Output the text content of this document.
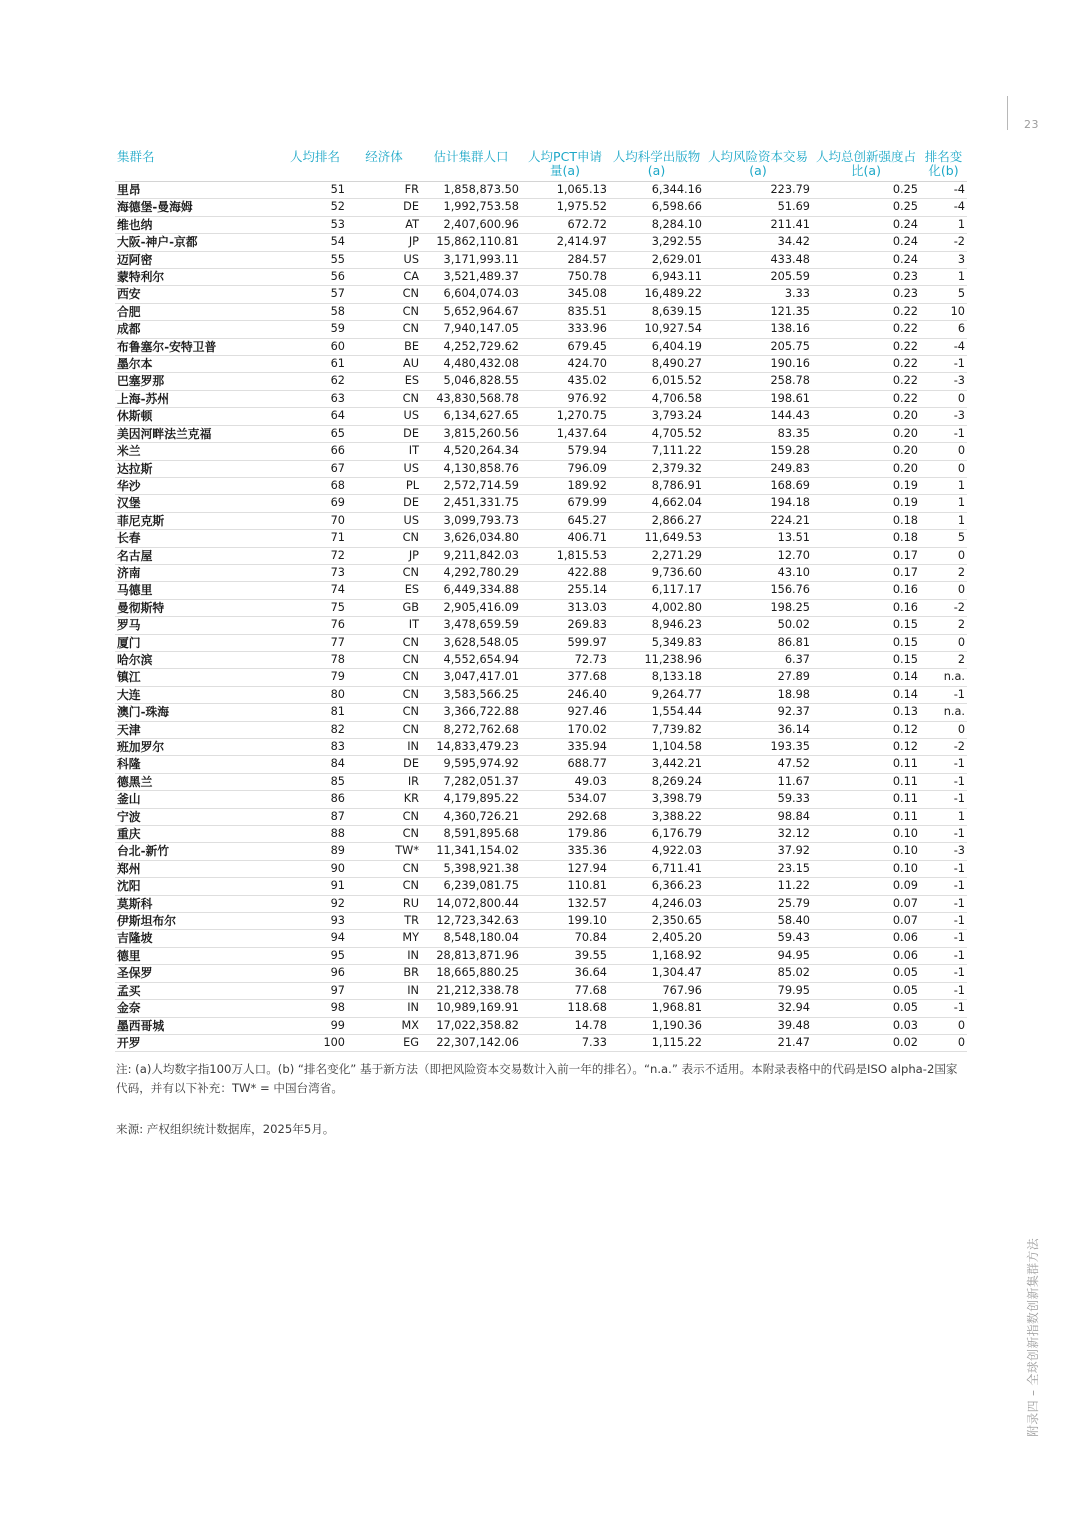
23
附录四 – 全球创新指数创新集群方法
集群名	人均排名	经济体	估计集群人口	人均PCT申请量(a)	人均科学出版物(a)	人均风险资本交易(a)	人均总创新强度占比(a)	排名变化(b)
里昂	51	FR	1,858,873.50	1,065.13	6,344.16	223.79	0.25	-4
海德堡-曼海姆	52	DE	1,992,753.58	1,975.52	6,598.66	51.69	0.25	-4
维也纳	53	AT	2,407,600.96	672.72	8,284.10	211.41	0.24	1
大阪-神户-京都	54	JP	15,862,110.81	2,414.97	3,292.55	34.42	0.24	-2
迈阿密	55	US	3,171,993.11	284.57	2,629.01	433.48	0.24	3
蒙特利尔	56	CA	3,521,489.37	750.78	6,943.11	205.59	0.23	1
西安	57	CN	6,604,074.03	345.08	16,489.22	3.33	0.23	5
合肥	58	CN	5,652,964.67	835.51	8,639.15	121.35	0.22	10
成都	59	CN	7,940,147.05	333.96	10,927.54	138.16	0.22	6
布鲁塞尔-安特卫普	60	BE	4,252,729.62	679.45	6,404.19	205.75	0.22	-4
墨尔本	61	AU	4,480,432.08	424.70	8,490.27	190.16	0.22	-1
巴塞罗那	62	ES	5,046,828.55	435.02	6,015.52	258.78	0.22	-3
上海-苏州	63	CN	43,830,568.78	976.92	4,706.58	198.61	0.22	0
休斯顿	64	US	6,134,627.65	1,270.75	3,793.24	144.43	0.20	-3
美因河畔法兰克福	65	DE	3,815,260.56	1,437.64	4,705.52	83.35	0.20	-1
米兰	66	IT	4,520,264.34	579.94	7,111.22	159.28	0.20	0
达拉斯	67	US	4,130,858.76	796.09	2,379.32	249.83	0.20	0
华沙	68	PL	2,572,714.59	189.92	8,786.91	168.69	0.19	1
汉堡	69	DE	2,451,331.75	679.99	4,662.04	194.18	0.19	1
菲尼克斯	70	US	3,099,793.73	645.27	2,866.27	224.21	0.18	1
长春	71	CN	3,626,034.80	406.71	11,649.53	13.51	0.18	5
名古屋	72	JP	9,211,842.03	1,815.53	2,271.29	12.70	0.17	0
济南	73	CN	4,292,780.29	422.88	9,736.60	43.10	0.17	2
马德里	74	ES	6,449,334.88	255.14	6,117.17	156.76	0.16	0
曼彻斯特	75	GB	2,905,416.09	313.03	4,002.80	198.25	0.16	-2
罗马	76	IT	3,478,659.59	269.83	8,946.23	50.02	0.15	2
厦门	77	CN	3,628,548.05	599.97	5,349.83	86.81	0.15	0
哈尔滨	78	CN	4,552,654.94	72.73	11,238.96	6.37	0.15	2
镇江	79	CN	3,047,417.01	377.68	8,133.18	27.89	0.14	n.a.
大连	80	CN	3,583,566.25	246.40	9,264.77	18.98	0.14	-1
澳门-珠海	81	CN	3,366,722.88	927.46	1,554.44	92.37	0.13	n.a.
天津	82	CN	8,272,762.68	170.02	7,739.82	36.14	0.12	0
班加罗尔	83	IN	14,833,479.23	335.94	1,104.58	193.35	0.12	-2
科隆	84	DE	9,595,974.92	688.77	3,442.21	47.52	0.11	-1
德黑兰	85	IR	7,282,051.37	49.03	8,269.24	11.67	0.11	-1
釜山	86	KR	4,179,895.22	534.07	3,398.79	59.33	0.11	-1
宁波	87	CN	4,360,726.21	292.68	3,388.22	98.84	0.11	1
重庆	88	CN	8,591,895.68	179.86	6,176.79	32.12	0.10	-1
台北-新竹	89	TW*	11,341,154.02	335.36	4,922.03	37.92	0.10	-3
郑州	90	CN	5,398,921.38	127.94	6,711.41	23.15	0.10	-1
沈阳	91	CN	6,239,081.75	110.81	6,366.23	11.22	0.09	-1
莫斯科	92	RU	14,072,800.44	132.57	4,246.03	25.79	0.07	-1
伊斯坦布尔	93	TR	12,723,342.63	199.10	2,350.65	58.40	0.07	-1
吉隆坡	94	MY	8,548,180.04	70.84	2,405.20	59.43	0.06	-1
德里	95	IN	28,813,871.96	39.55	1,168.92	94.95	0.06	-1
圣保罗	96	BR	18,665,880.25	36.64	1,304.47	85.02	0.05	-1
孟买	97	IN	21,212,338.78	77.68	767.96	79.95	0.05	-1
金奈	98	IN	10,989,169.91	118.68	1,968.81	32.94	0.05	-1
墨西哥城	99	MX	17,022,358.82	14.78	1,190.36	39.48	0.03	0
开罗	100	EG	22,307,142.06	7.33	1,115.22	21.47	0.02	0
注: (a)人均数字指100万人口。(b) “排名变化” 基于新方法（即把风险资本交易数计入前一年的排名）。“n.a.” 表示不适用。本附录表格中的代码是ISO alpha-2国家代码，并有以下补充：TW* = 中国台湾省。
来源: 产权组织统计数据库，2025年5月。
